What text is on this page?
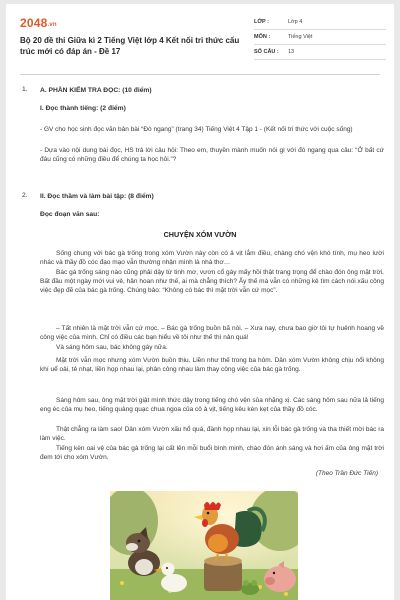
2048.vn
Bộ 20 đề thi Giữa kì 2 Tiếng Việt lớp 4 Kết nối tri thức cấu trúc mới có đáp án - Đề 17
LỚP :	Lớp 4
MÔN :	Tiếng Việt
SỐ CÂU :	13
1. A. PHẦN KIỂM TRA ĐỌC: (10 điểm)
I. Đọc thành tiếng: (2 điểm)
- GV cho học sinh đọc văn bản bài “Đò ngang” (trang 34) Tiếng Việt 4 Tập 1 - (Kết nối tri thức với cuộc sống)
- Dựa vào nội dung bài đọc, HS trả lời câu hỏi: Theo em, thuyền mành muốn nói gì với đò ngang qua câu: “Ở bất cứ đâu cũng có những điều để chúng ta học hỏi.”?
2. II. Đọc thầm và làm bài tập: (8 điểm)
Đọc đoạn văn sau:
CHUYỆN XÓM VƯỜN
Sống chung với bác gà trống trong xóm Vườn này còn có ả vịt lắm điều, chàng chó vện khó tính, mụ heo lười nhác và thầy đồ cóc đạo mạo vẫn thường nhận mình là nhà thơ…
Bác gà trống sáng nào cũng phải dậy từ tinh mơ, vươn cổ gáy mấy hồi thật trang trọng để chào đón ông mặt trời. Bất đầu một ngày mới vui vẻ, hân hoan như thế, ai mà chẳng thích? Ấy thế mà vẫn có những kẻ tìm cách nói xấu công việc đẹp đẽ của bác gà trống. Chúng bảo: “Không có bác thì mặt trời vẫn cứ mọc”.
– Tất nhiên là mặt trời vẫn cứ mọc. – Bác gà trống buồn bã nói. – Xưa nay, chưa bao giờ tôi tự huênh hoang về công việc của mình. Chỉ có điều các bạn hiểu về tôi như thế thì nản quá!
Và sáng hôm sau, bác không gáy nữa.
Mặt trời vẫn mọc nhưng xóm Vườn buồn thiu. Liền như thế trong ba hôm. Dân xóm Vườn không chịu nổi không khí uể oải, tẻ nhạt, liền họp nhau lại, phân công nhau làm thay công việc của bác gà trống.
Sáng hôm sau, ông mặt trời giật mình thức dậy trong tiếng chó vện sủa nhặng xị. Các sáng hôm sau nữa lả tiếng eng éc của mụ heo, tiếng quàng quạc chua ngoa của cô ả vịt, tiếng kêu kèn kẹt của thầy đồ cóc.
Thật chẳng ra làm sao! Dân xóm Vườn xấu hổ quá, đành họp nhau lại, xin lỗi bác gà trống và tha thiết mời bác ra làm việc.
Tiếng kèn oai vệ của bác gà trống lại cất lên mỗi buổi bình minh, chào đón ánh sáng và hơi ấm của ông mặt trời đem tới cho xóm Vườn.
(Theo Trần Đức Tiến)
